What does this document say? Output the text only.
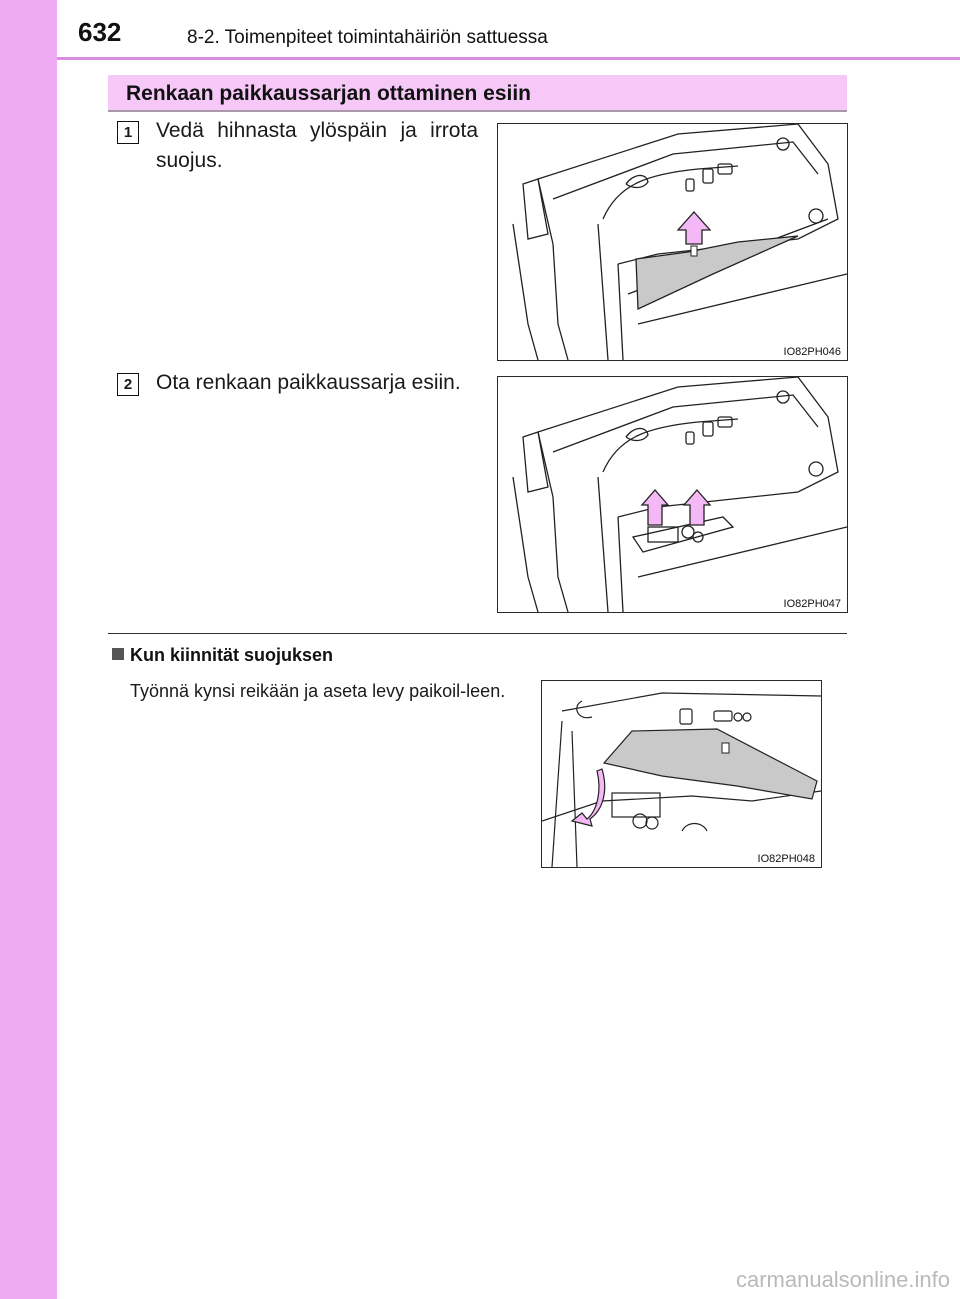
632	8-2. Toimenpiteet toimintahäiriön sattuessa
Renkaan paikkaussarjan ottaminen esiin
1	Vedä hihnasta ylöspäin ja irrota suojus.
IO82PH046
2	Ota renkaan paikkaussarja esiin.
IO82PH047
Kun kiinnität suojuksen
Työnnä kynsi reikään ja aseta levy paikoil-leen.
IO82PH048
carmanualsonline.info
